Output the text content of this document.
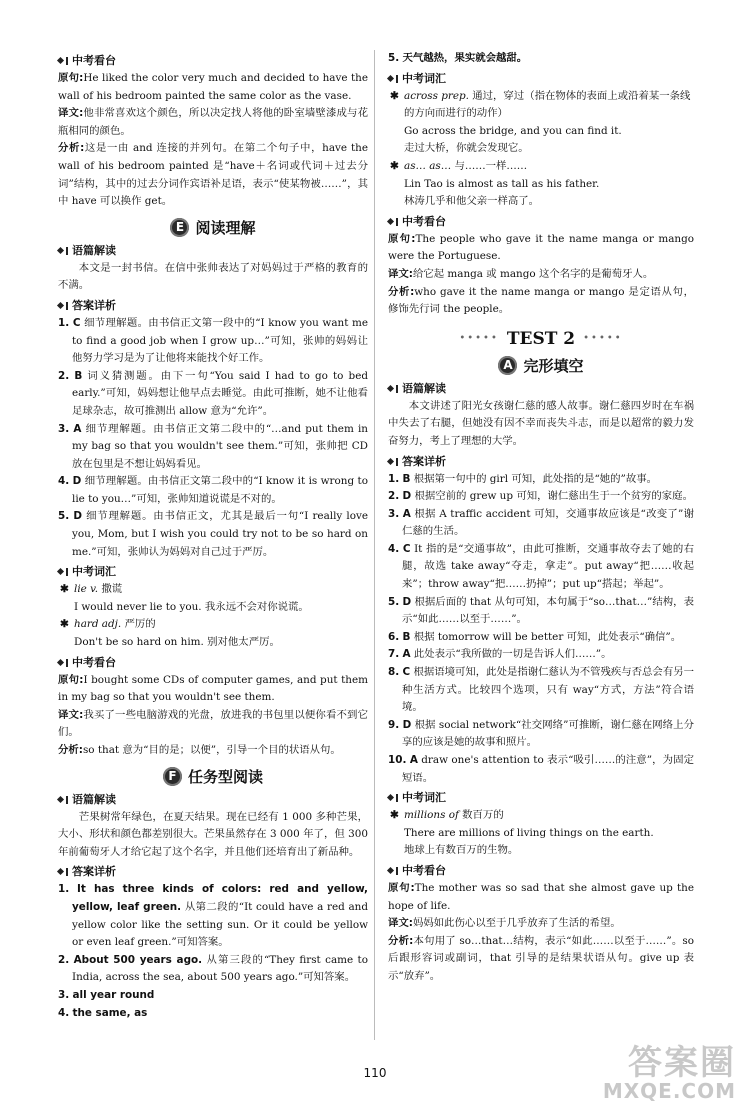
中考看台

原句:He liked the color very much and decided to have the wall of his bedroom painted the same color as the vase.

译文:他非常喜欢这个颜色，所以决定找人将他的卧室墙壁漆成与花瓶相同的颜色。

分析:这是一由 and 连接的并列句。在第二个句子中，have the wall of his bedroom painted 是“have＋名词或代词＋过去分词”结构，其中的过去分词作宾语补足语，表示“使某物被……”，其中 have 可以换作 get。

E 阅读理解
语篇解读

本文是一封书信。在信中张帅表达了对妈妈过于严格的教育的不满。

答案详析

1. C 细节理解题。由书信正文第一段中的“I know you want me to find a good job when I grow up…”可知，张帅的妈妈让他努力学习是为了让他将来能找个好工作。

2. B 词义猜测题。由下一句“You said I had to go to bed early.”可知，妈妈想让他早点去睡觉。由此可推断，她不让他看足球杂志，故可推测出 allow 意为“允许”。

3. A 细节理解题。由书信正文第二段中的“…and put them in my bag so that you wouldn't see them.”可知，张帅把 CD 放在包里是不想让妈妈看见。

4. D 细节理解题。由书信正文第二段中的“I know it is wrong to lie to you…”可知，张帅知道说谎是不对的。

5. D 细节理解题。由书信正文，尤其是最后一句“I really love you, Mom, but I wish you could try not to be so hard on me.”可知，张帅认为妈妈对自己过于严厉。

中考词汇

✱ lie v. 撒谎

I would never lie to you. 我永远不会对你说谎。

✱ hard adj. 严厉的

Don't be so hard on him. 别对他太严厉。

中考看台

原句:I bought some CDs of computer games, and put them in my bag so that you wouldn't see them.

译文:我买了一些电脑游戏的光盘，放进我的书包里以便你看不到它们。

分析:so that 意为“目的是；以便”，引导一个目的状语从句。

F 任务型阅读
语篇解读

芒果树常年绿色，在夏天结果。现在已经有 1 000 多种芒果，大小、形状和颜色都差别很大。芒果虽然存在 3 000 年了，但 300 年前葡萄牙人才给它起了这个名字，并且他们还培育出了新品种。

答案详析

1. It has three kinds of colors: red and yellow, yellow, leaf green. 从第二段的“It could have a red and yellow color like the setting sun. Or it could be yellow or even leaf green.”可知答案。

2. About 500 years ago. 从第三段的“They first came to India, across the sea, about 500 years ago.”可知答案。

3. all year round

4. the same, as

5. 天气越热，果实就会越甜。

中考词汇

✱ across prep. 通过，穿过（指在物体的表面上或沿着某一条线的方向而进行的动作）

Go across the bridge, and you can find it.

走过大桥，你就会发现它。

✱ as… as… 与……一样……

Lin Tao is almost as tall as his father.

林涛几乎和他父亲一样高了。

中考看台

原句:The people who gave it the name manga or mango were the Portuguese.

译文:给它起 manga 或 mango 这个名字的是葡萄牙人。

分析:who gave it the name manga or mango 是定语从句，修饰先行词 the people。

••••• TEST 2 •••••
A 完形填空
语篇解读

本文讲述了阳光女孩谢仁慈的感人故事。谢仁慈四岁时在车祸中失去了右腿，但她没有因不幸而丧失斗志，而是以超常的毅力发奋努力，考上了理想的大学。

答案详析

1. B 根据第一句中的 girl 可知，此处指的是“她的”故事。

2. D 根据空前的 grew up 可知，谢仁慈出生于一个贫穷的家庭。

3. A 根据 A traffic accident 可知，交通事故应该是“改变了”谢仁慈的生活。

4. C It 指的是“交通事故”，由此可推断，交通事故夺去了她的右腿，故选 take away“夺走，拿走”。put away“把……收起来”；throw away“把……扔掉”；put up“搭起；举起”。

5. D 根据后面的 that 从句可知，本句属于“so…that…”结构，表示“如此……以至于……”。

6. B 根据 tomorrow will be better 可知，此处表示“确信”。

7. A 此处表示“我所做的一切是告诉人们……”。

8. C 根据语境可知，此处是指谢仁慈认为不管残疾与否总会有另一种生活方式。比较四个选项，只有 way“方式，方法”符合语境。

9. D 根据 social network“社交网络”可推断，谢仁慈在网络上分享的应该是她的故事和照片。

10. A draw one's attention to 表示“吸引……的注意”，为固定短语。

中考词汇

✱ millions of 数百万的

There are millions of living things on the earth.

地球上有数百万的生物。

中考看台

原句:The mother was so sad that she almost gave up the hope of life.

译文:妈妈如此伤心以至于几乎放弃了生活的希望。

分析:本句用了 so…that…结构，表示“如此……以至于……”。so 后跟形容词或副词，that 引导的是结果状语从句。give up 表示“放弃”。

110	答案圈
MXQE.COM
